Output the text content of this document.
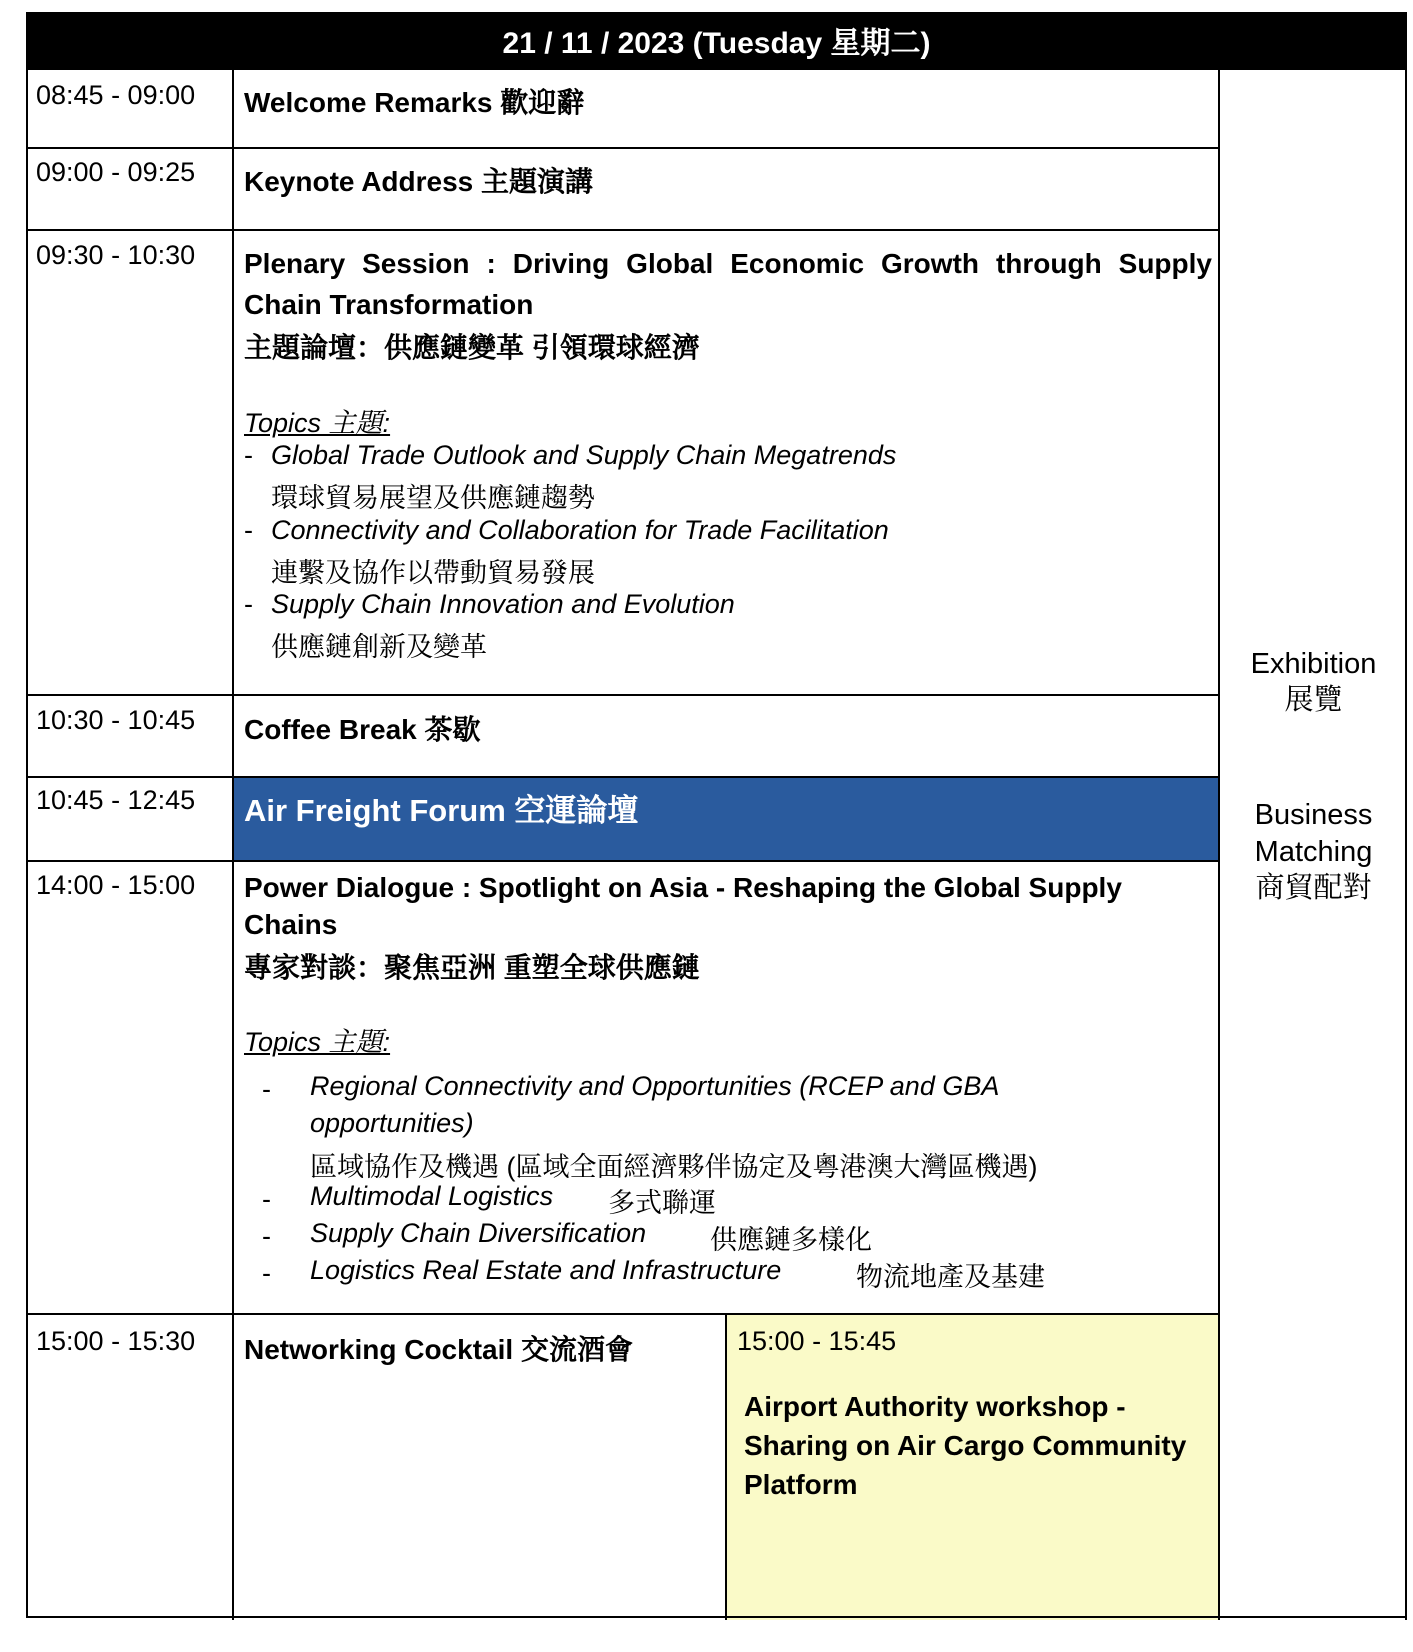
21 / 11 / 2023 (Tuesday 星期二)
08:45 - 09:00 Welcome Remarks 歡迎辭
09:00 - 09:25 Keynote Address 主題演講
09:30 - 10:30 Plenary Session : Driving Global Economic Growth through Supply
Chain Transformation
主題論壇：供應鏈變革 引領環球經濟
Topics 主題:
- Global Trade Outlook and Supply Chain Megatrends
環球貿易展望及供應鏈趨勢
- Connectivity and Collaboration for Trade Facilitation
連繫及協作以帶動貿易發展
- Supply Chain Innovation and Evolution
供應鏈創新及變革
10:30 - 10:45 Coffee Break 茶歇
10:45 - 12:45 Air Freight Forum 空運論壇
14:00 - 15:00 Power Dialogue : Spotlight on Asia - Reshaping the Global Supply
Chains
專家對談：聚焦亞洲 重塑全球供應鏈
Topics 主題:
- Regional Connectivity and Opportunities (RCEP and GBA
opportunities)
區域協作及機遇 (區域全面經濟夥伴協定及粵港澳大灣區機遇)
- Multimodal Logistics 多式聯運
- Supply Chain Diversification 供應鏈多樣化
- Logistics Real Estate and Infrastructure	物流地產及基建
15:00 - 15:30 Networking Cocktail 交流酒會	15:00 - 15:45
Airport Authority workshop -
Sharing on Air Cargo Community
Platform
Exhibition
展覽
Business
Matching
商貿配對
